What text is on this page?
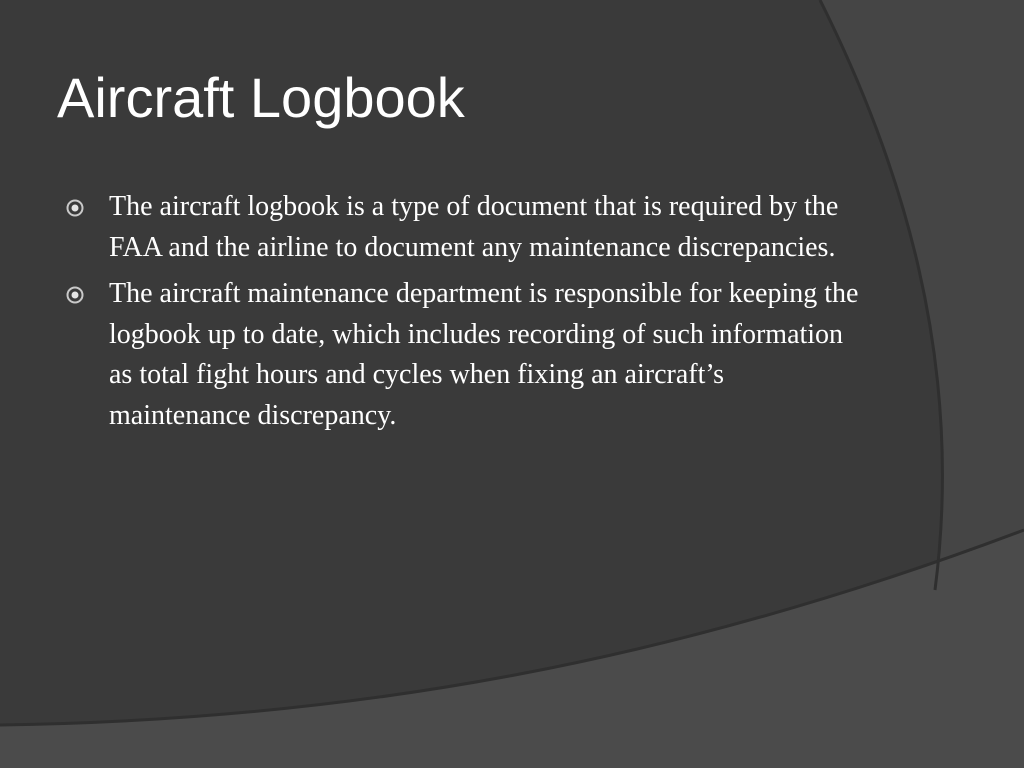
Aircraft Logbook
The aircraft logbook is a type of document that is required by the FAA and the airline to document any maintenance discrepancies.
The aircraft maintenance department is responsible for keeping the logbook up to date, which includes recording of such information as total fight hours and cycles when fixing an aircraft’s maintenance discrepancy.
